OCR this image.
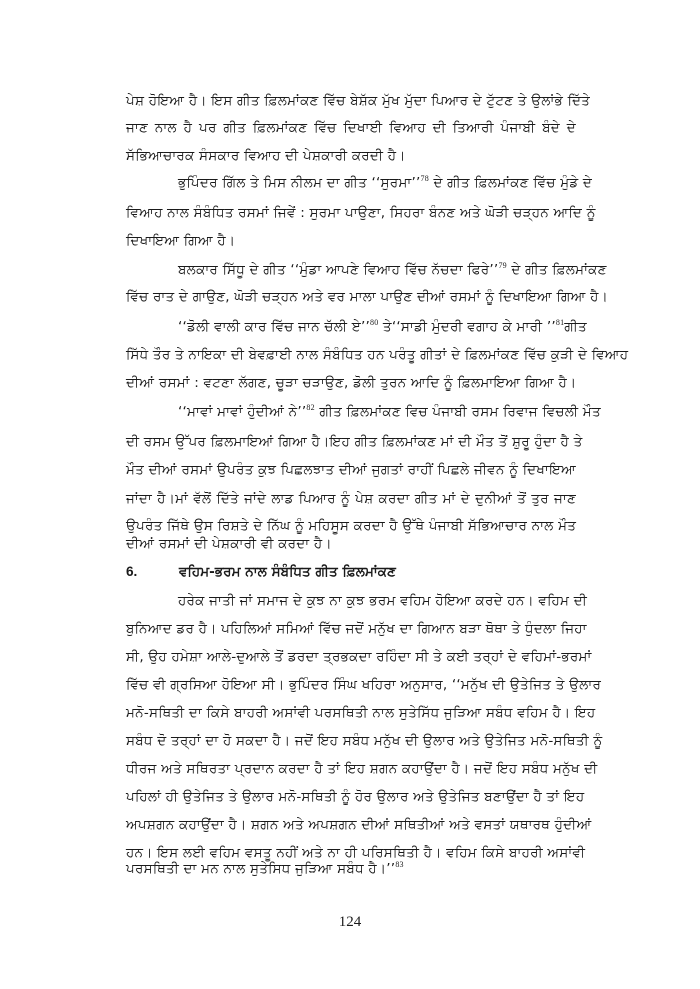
ਪੇਸ਼ ਹੋਇਆ ਹੈ। ਇਸ ਗੀਤ ਫ਼ਿਲਮਾਂਕਣ ਵਿੱਚ ਬੇਸ਼ੱਕ ਮੁੱਖ ਮੁੱਦਾ ਪਿਆਰ ਦੇ ਟੁੱਟਣ ਤੇ ਉਲਾਂਭੇ ਦਿੱਤੇ
ਜਾਣ ਨਾਲ ਹੈ ਪਰ ਗੀਤ ਫ਼ਿਲਮਾਂਕਣ ਵਿੱਚ ਦਿਖਾਈ ਵਿਆਹ ਦੀ ਤਿਆਰੀ ਪੰਜਾਬੀ ਬੰਦੇ ਦੇ
ਸੱਭਿਆਚਾਰਕ ਸੰਸਕਾਰ ਵਿਆਹ ਦੀ ਪੇਸ਼ਕਾਰੀ ਕਰਦੀ ਹੈ।
ਭੁਪਿੰਦਰ ਗਿੱਲ ਤੇ ਮਿਸ ਨੀਲਮ ਦਾ ਗੀਤ ‘‘ਸੁਰਮਾ’’$^{78}$ ਦੇ ਗੀਤ ਫ਼ਿਲਮਾਂਕਣ ਵਿੱਚ ਮੁੰਡੇ ਦੇ
ਵਿਆਹ ਨਾਲ ਸੰਬੰਧਿਤ ਰਸਮਾਂ ਜਿਵੇਂ : ਸੁਰਮਾ ਪਾਉਣਾ, ਸਿਹਰਾ ਬੰਨਣ ਅਤੇ ਘੋੜੀ ਚੜ੍ਹਨ ਆਦਿ ਨੂੰ
ਦਿਖਾਇਆ ਗਿਆ ਹੈ।
ਬਲਕਾਰ ਸਿੱਧੂ ਦੇ ਗੀਤ ‘‘ਮੁੰਡਾ ਆਪਣੇ ਵਿਆਹ ਵਿੱਚ ਨੱਚਦਾ ਫਿਰੇ’’$^{79}$ ਦੇ ਗੀਤ ਫ਼ਿਲਮਾਂਕਣ
ਵਿੱਚ ਰਾਤ ਦੇ ਗਾਉਣ, ਘੋੜੀ ਚੜ੍ਹਨ ਅਤੇ ਵਰ ਮਾਲਾ ਪਾਉਣ ਦੀਆਂ ਰਸਮਾਂ ਨੂੰ ਦਿਖਾਇਆ ਗਿਆ ਹੈ।
‘‘ਡੋਲੀ ਵਾਲੀ ਕਾਰ ਵਿੱਚ ਜਾਨ ਚੱਲੀ ਏ’’$^{80}$ ਤੇ‘‘ਸਾਡੀ ਮੁੰਦਰੀ ਵਗਾਹ ਕੇ ਮਾਰੀ ’’$^{81}$ਗੀਤ
ਸਿੱਧੇ ਤੌਰ ਤੇ ਨਾਇਕਾ ਦੀ ਬੇਵਫ਼ਾਈ ਨਾਲ ਸੰਬੰਧਿਤ ਹਨ ਪਰੰਤੂ ਗੀਤਾਂ ਦੇ ਫ਼ਿਲਮਾਂਕਣ ਵਿੱਚ ਕੁੜੀ ਦੇ ਵਿਆਹ
ਦੀਆਂ ਰਸਮਾਂ : ਵਟਣਾ ਲੱਗਣ, ਚੂੜਾ ਚੜਾਉਣ, ਡੋਲੀ ਤੁਰਨ ਆਦਿ ਨੂੰ ਫ਼ਿਲਮਾਇਆ ਗਿਆ ਹੈ।
‘‘ਮਾਵਾਂ ਮਾਵਾਂ ਹੁੰਦੀਆਂ ਨੇ’’$^{82}$ ਗੀਤ ਫ਼ਿਲਮਾਂਕਣ ਵਿਚ ਪੰਜਾਬੀ ਰਸਮ ਰਿਵਾਜ ਵਿਚਲੀ ਮੌਤ
ਦੀ ਰਸਮ ਉੱਪਰ ਫ਼ਿਲਮਾਇਆਂ ਗਿਆ ਹੈ।ਇਹ ਗੀਤ ਫ਼ਿਲਮਾਂਕਣ ਮਾਂ ਦੀ ਮੌਤ ਤੋਂ ਸ਼ੁਰੂ ਹੁੰਦਾ ਹੈ ਤੇ
ਮੌਤ ਦੀਆਂ ਰਸਮਾਂ ਉਪਰੰਤ ਕੁਝ ਪਿਛਲਝਾਤ ਦੀਆਂ ਜੁਗਤਾਂ ਰਾਹੀਂ ਪਿਛਲੇ ਜੀਵਨ ਨੂੰ ਦਿਖਾਇਆ
ਜਾਂਦਾ ਹੈ।ਮਾਂ ਵੱਲੋਂ ਦਿੱਤੇ ਜਾਂਦੇ ਲਾਡ ਪਿਆਰ ਨੂੰ ਪੇਸ਼ ਕਰਦਾ ਗੀਤ ਮਾਂ ਦੇ ਦੁਨੀਆਂ ਤੋਂ ਤੁਰ ਜਾਣ
ਉਪਰੰਤ ਜਿੱਥੇ ਉਸ ਰਿਸ਼ਤੇ ਦੇ ਨਿੱਘ ਨੂੰ ਮਹਿਸੂਸ ਕਰਦਾ ਹੈ ਉੱਥੇ ਪੰਜਾਬੀ ਸੱਭਿਆਚਾਰ ਨਾਲ ਮੌਤ
ਦੀਆਂ ਰਸਮਾਂ ਦੀ ਪੇਸ਼ਕਾਰੀ ਵੀ ਕਰਦਾ ਹੈ।
6.	ਵਹਿਮ-ਭਰਮ ਨਾਲ ਸੰਬੰਧਿਤ ਗੀਤ ਫ਼ਿਲਮਾਂਕਣ
ਹਰੇਕ ਜਾਤੀ ਜਾਂ ਸਮਾਜ ਦੇ ਕੁਝ ਨਾ ਕੁਝ ਭਰਮ ਵਹਿਮ ਹੋਇਆ ਕਰਦੇ ਹਨ। ਵਹਿਮ ਦੀ
ਬੁਨਿਆਦ ਡਰ ਹੈ। ਪਹਿਲਿਆਂ ਸਮਿਆਂ ਵਿੱਚ ਜਦੋਂ ਮਨੁੱਖ ਦਾ ਗਿਆਨ ਬੜਾ ਥੋਥਾ ਤੇ ਧੁੰਦਲਾ ਜਿਹਾ
ਸੀ, ਉਹ ਹਮੇਸ਼ਾ ਆਲੇ-ਦੁਆਲੇ ਤੋਂ ਡਰਦਾ ਤ੍ਰਭਕਦਾ ਰਹਿੰਦਾ ਸੀ ਤੇ ਕਈ ਤਰ੍ਹਾਂ ਦੇ ਵਹਿਮਾਂ-ਭਰਮਾਂ
ਵਿੱਚ ਵੀ ਗ੍ਰਸਿਆ ਹੋਇਆ ਸੀ। ਭੁਪਿੰਦਰ ਸਿੰਘ ਖਹਿਰਾ ਅਨੁਸਾਰ, ‘‘ਮਨੁੱਖ ਦੀ ਉਤੇਜਿਤ ਤੇ ਉਲਾਰ
ਮਨੋ-ਸਥਿਤੀ ਦਾ ਕਿਸੇ ਬਾਹਰੀ ਅਸਾਂਵੀ ਪਰਸਥਿਤੀ ਨਾਲ ਸੁਤੇਸਿੱਧ ਜੁੜਿਆ ਸਬੰਧ ਵਹਿਮ ਹੈ। ਇਹ
ਸਬੰਧ ਦੋ ਤਰ੍ਹਾਂ ਦਾ ਹੋ ਸਕਦਾ ਹੈ। ਜਦੋਂ ਇਹ ਸਬੰਧ ਮਨੁੱਖ ਦੀ ਉਲਾਰ ਅਤੇ ਉਤੇਜਿਤ ਮਨੋ-ਸਥਿਤੀ ਨੂੰ
ਧੀਰਜ ਅਤੇ ਸਥਿਰਤਾ ਪ੍ਰਦਾਨ ਕਰਦਾ ਹੈ ਤਾਂ ਇਹ ਸ਼ਗਨ ਕਹਾਉਂਦਾ ਹੈ। ਜਦੋਂ ਇਹ ਸਬੰਧ ਮਨੁੱਖ ਦੀ
ਪਹਿਲਾਂ ਹੀ ਉਤੇਜਿਤ ਤੇ ਉਲਾਰ ਮਨੋ-ਸਥਿਤੀ ਨੂੰ ਹੋਰ ਉਲਾਰ ਅਤੇ ਉਤੇਜਿਤ ਬਣਾਉਂਦਾ ਹੈ ਤਾਂ ਇਹ
ਅਪਸ਼ਗਨ ਕਹਾਉਂਦਾ ਹੈ। ਸ਼ਗਨ ਅਤੇ ਅਪਸ਼ਗਨ ਦੀਆਂ ਸਥਿਤੀਆਂ ਅਤੇ ਵਸਤਾਂ ਯਥਾਰਥ ਹੁੰਦੀਆਂ
ਹਨ। ਇਸ ਲਈ ਵਹਿਮ ਵਸਤੂ ਨਹੀਂ ਅਤੇ ਨਾ ਹੀ ਪਰਿਸਥਿਤੀ ਹੈ। ਵਹਿਮ ਕਿਸੇ ਬਾਹਰੀ ਅਸਾਂਵੀ
ਪਰਸਥਿਤੀ ਦਾ ਮਨ ਨਾਲ ਸੁਤੇਸਿਧ ਜੁੜਿਆ ਸਬੰਧ ਹੈ।’’$^{83}$
124
